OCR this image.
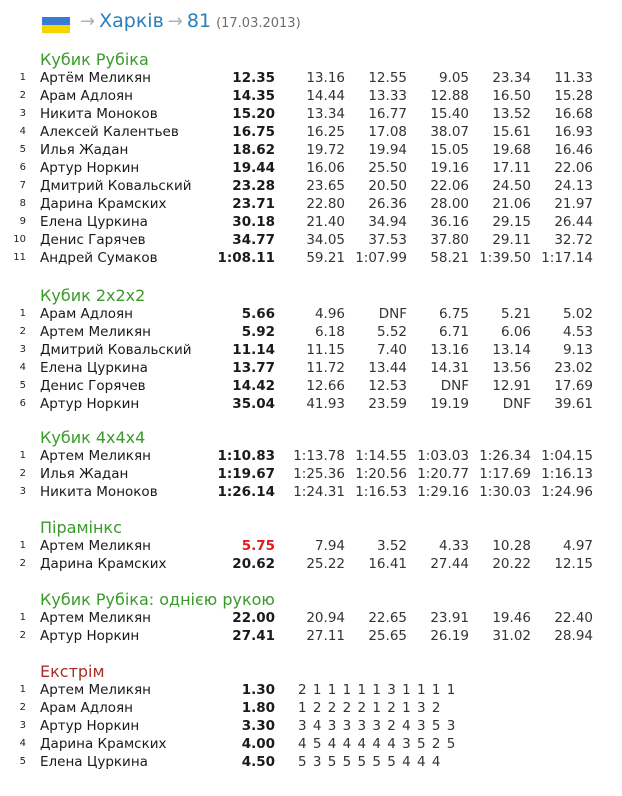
→ Харків → 81 (17.03.2013)
Кубик Рубіка
1 Артём Меликян	12.35 13.16 12.55 9.05 23.34 11.33
2 Арам Адлоян	14.35 14.44 13.33 12.88 16.50 15.28
3 Никита Моноков	15.20 13.34 16.77 15.40 13.52 16.68
4 Алексей Калентьев	16.75 16.25 17.08 38.07 15.61 16.93
5 Илья Жадан	18.62 19.72 19.94 15.05 19.68 16.46
6 Артур Норкин	19.44 16.06 25.50 19.16 17.11 22.06
7 Дмитрий Ковальский	23.28 23.65 20.50 22.06 24.50 24.13
8 Дарина Крамских	23.71 22.80 26.36 28.00 21.06 21.97
9 Елена Цуркина	30.18 21.40 34.94 36.16 29.15 26.44
10 Денис Гарячев	34.77 34.05 37.53 37.80 29.11 32.72
11 Андрей Сумаков	1:08.11 59.21 1:07.99 58.21 1:39.50 1:17.14
Кубик 2x2x2
1 Арам Адлоян	5.66	4.96 DNF 6.75 5.21 5.02
2 Артем Меликян	5.92	6.18 5.52 6.71 6.06 4.53
3 Дмитрий Ковальский	11.14 11.15 7.40 13.16 13.14 9.13
4 Елена Цуркина	13.77 11.72 13.44 14.31 13.56 23.02
5 Денис Горячев	14.42 12.66 12.53 DNF 12.91 17.69
6 Артур Норкин	35.04 41.93 23.59 19.19 DNF 39.61
Кубик 4x4x4
1 Артем Меликян	1:10.83 1:13.78 1:14.55 1:03.03 1:26.34 1:04.15
2 Илья Жадан	1:19.67 1:25.36 1:20.56 1:20.77 1:17.69 1:16.13
3 Никита Моноков	1:26.14 1:24.31 1:16.53 1:29.16 1:30.03 1:24.96
Пірамінкс
1 Артем Меликян	5.75	7.94 3.52 4.33 10.28 4.97
2 Дарина Крамских	20.62 25.22 16.41 27.44 20.22 12.15
Кубик Рубіка: однією рукою
1 Артем Меликян	22.00 20.94 22.65 23.91 19.46 22.40
2 Артур Норкин	27.41 27.11 25.65 26.19 31.02 28.94
Екстрім
1 Артем Меликян	1.30 2 1 1 1 1 1 3 1 1 1 1
2 Арам Адлоян	1.80 1 2 2 2 2 1 2 1 3 2
3 Артур Норкин	3.30 3 4 3 3 3 3 2 4 3 5 3
4 Дарина Крамских	4.00 4 5 4 4 4 4 4 3 5 2 5
5 Елена Цуркина	4.50 5 3 5 5 5 5 5 4 4 4
